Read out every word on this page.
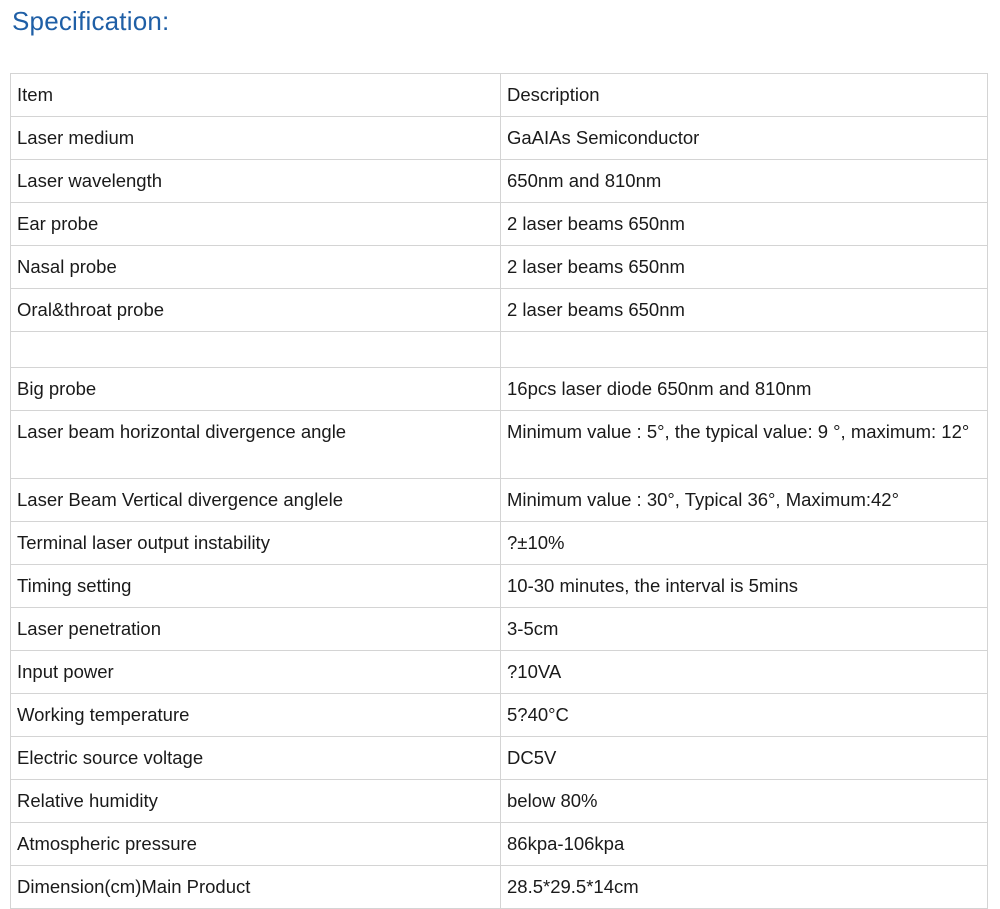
Specification:
Item	Description
Laser medium	GaAIAs Semiconductor
Laser wavelength	650nm and 810nm
Ear probe	2 laser beams 650nm
Nasal probe	2 laser beams 650nm
Oral&throat probe	2 laser beams 650nm

Big probe	16pcs laser diode 650nm and 810nm
Laser beam horizontal divergence angle	Minimum value : 5°, the typical value: 9 °, maximum: 12°
Laser Beam Vertical divergence anglele	Minimum value : 30°, Typical 36°, Maximum:42°
Terminal laser output instability	?±10%
Timing setting	10-30 minutes, the interval is 5mins
Laser penetration	3-5cm
Input power	?10VA
Working temperature	5?40°C
Electric source voltage	DC5V
Relative humidity	below 80%
Atmospheric pressure	86kpa-106kpa
Dimension(cm)Main Product	28.5*29.5*14cm
